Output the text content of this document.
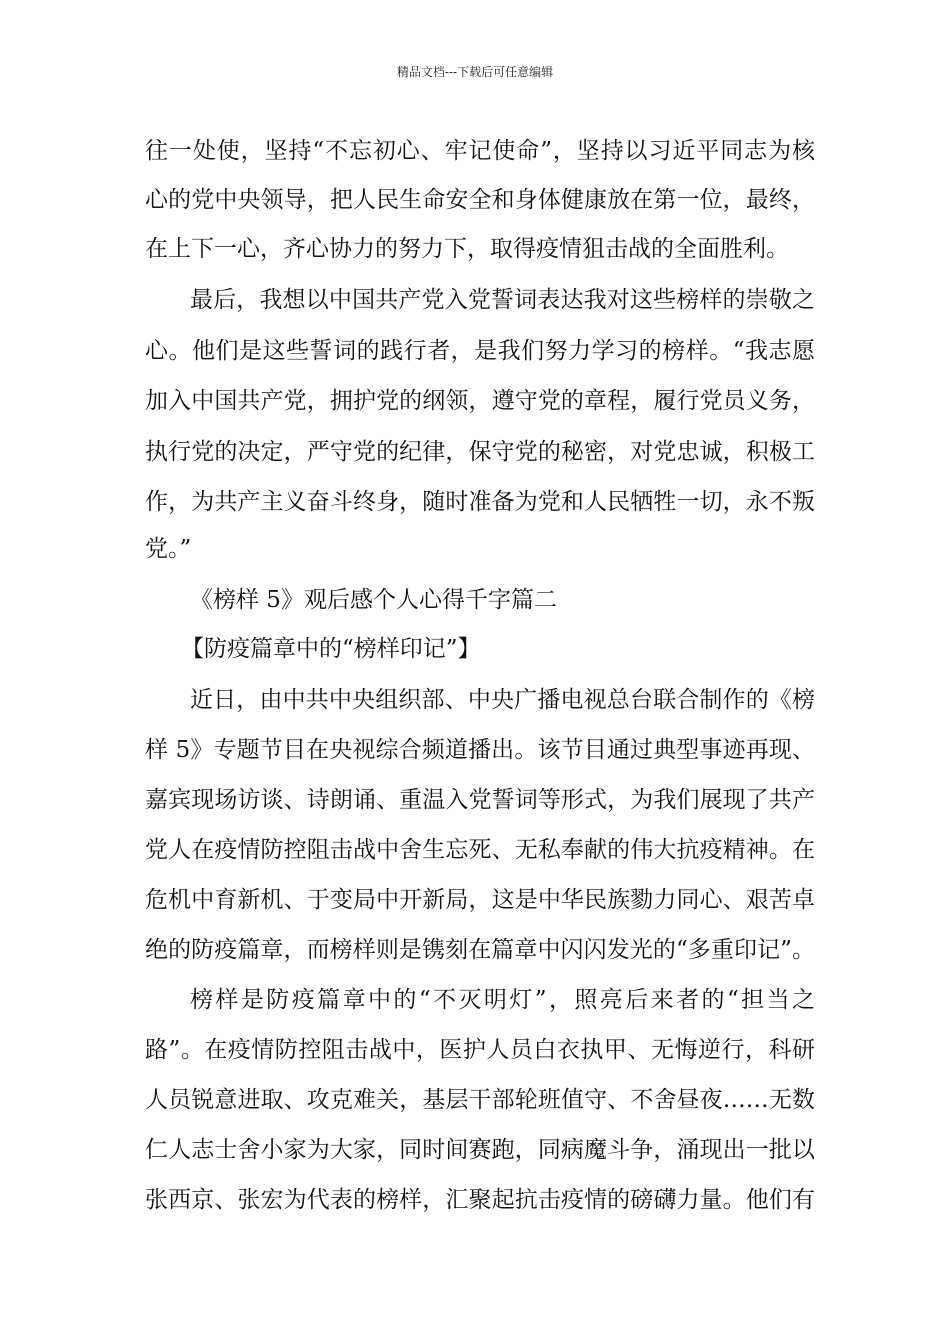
精品文档---下载后可任意编辑
往一处使，坚持“不忘初心、牢记使命”，坚持以习近平同志为核
心的党中央领导，把人民生命安全和身体健康放在第一位，最终，
在上下一心，齐心协力的努力下，取得疫情狙击战的全面胜利。
最后，我想以中国共产党入党誓词表达我对这些榜样的崇敬之
心。他们是这些誓词的践行者，是我们努力学习的榜样。“我志愿
加入中国共产党，拥护党的纲领，遵守党的章程，履行党员义务，
执行党的决定，严守党的纪律，保守党的秘密，对党忠诚，积极工
作，为共产主义奋斗终身，随时准备为党和人民牺牲一切，永不叛
党。”
《榜样 5》观后感个人心得千字篇二
【防疫篇章中的“榜样印记”】
近日，由中共中央组织部、中央广播电视总台联合制作的《榜
样 5》专题节目在央视综合频道播出。该节目通过典型事迹再现、
嘉宾现场访谈、诗朗诵、重温入党誓词等形式，为我们展现了共产
党人在疫情防控阻击战中舍生忘死、无私奉献的伟大抗疫精神。在
危机中育新机、于变局中开新局，这是中华民族勠力同心、艰苦卓
绝的防疫篇章，而榜样则是镌刻在篇章中闪闪发光的“多重印记”。
榜样是防疫篇章中的“不灭明灯”，照亮后来者的“担当之
路”。在疫情防控阻击战中，医护人员白衣执甲、无悔逆行，科研
人员锐意进取、攻克难关，基层干部轮班值守、不舍昼夜……无数
仁人志士舍小家为大家，同时间赛跑，同病魔斗争，涌现出一批以
张西京、张宏为代表的榜样，汇聚起抗击疫情的磅礴力量。他们有
